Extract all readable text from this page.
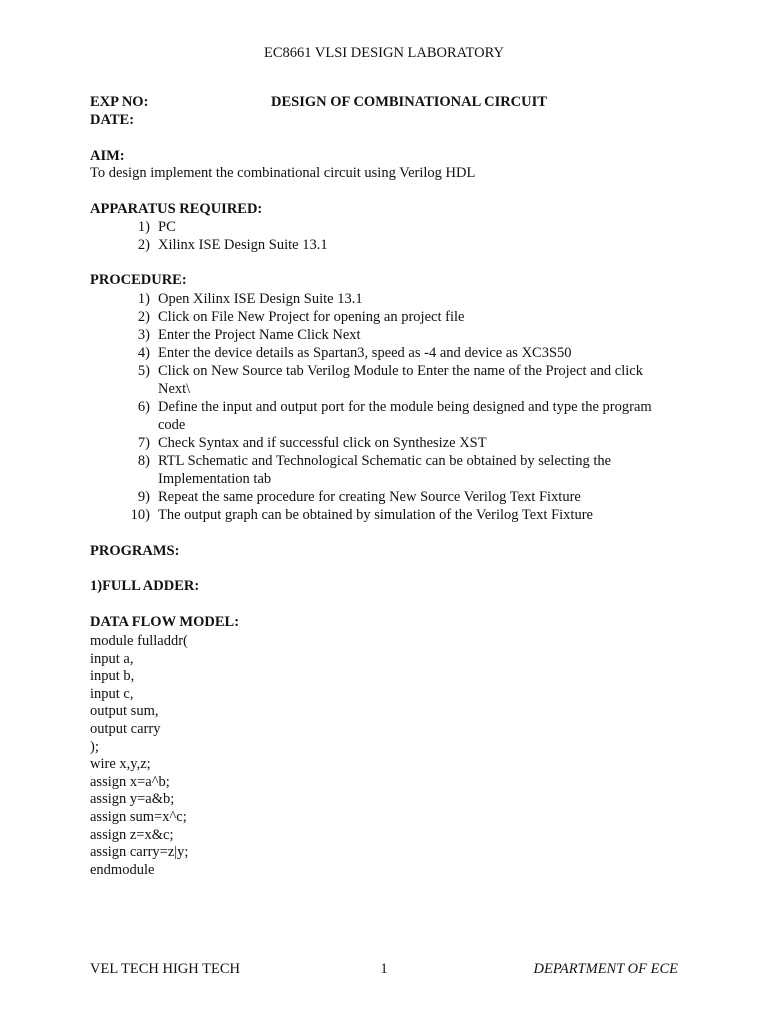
EC8661 VLSI DESIGN LABORATORY
EXP NO:	DESIGN OF COMBINATIONAL CIRCUIT
DATE:
AIM:
To design implement the combinational circuit using Verilog HDL
APPARATUS REQUIRED:
1) PC
2) Xilinx ISE Design Suite 13.1
PROCEDURE:
1) Open Xilinx ISE Design Suite 13.1
2) Click on File New Project for opening an project file
3) Enter the Project Name Click Next
4) Enter the device details as Spartan3, speed as -4 and device as XC3S50
5) Click on New Source tab Verilog Module to Enter the name of the Project and click
Next\
6) Define the input and output port for the module being designed and type the program
code
7) Check Syntax and if successful click on Synthesize XST
8) RTL Schematic and Technological Schematic can be obtained by selecting the
Implementation tab
9) Repeat the same procedure for creating New Source Verilog Text Fixture
10) The output graph can be obtained by simulation of the Verilog Text Fixture
PROGRAMS:
1)FULL ADDER:
DATA FLOW MODEL:
module fulladdr(
input a,
input b,
input c,
output sum,
output carry
);
wire x,y,z;
assign x=a^b;
assign y=a&b;
assign sum=x^c;
assign z=x&c;
assign carry=z|y;
endmodule
VEL TECH HIGH TECH	1	DEPARTMENT OF ECE
